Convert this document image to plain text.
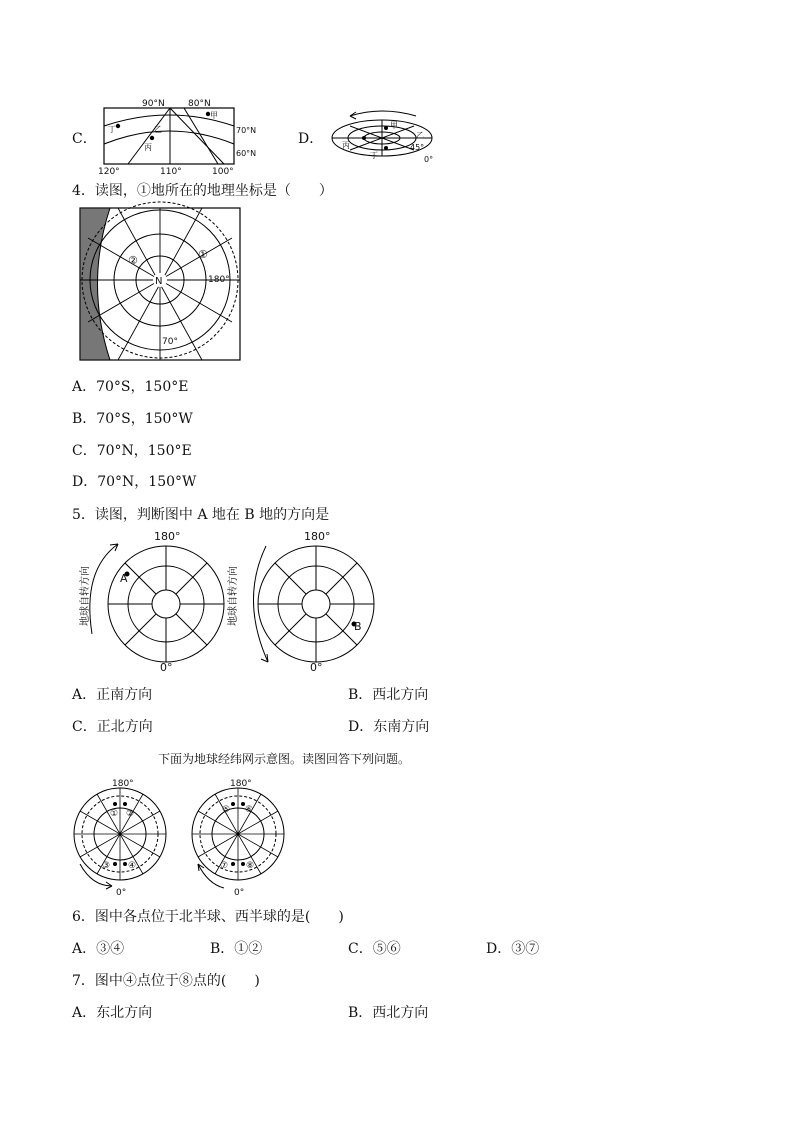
C．
90°N	80°N
70°N
60°N
120°	110°	100°
甲
乙
丙
丁
D．
甲
乙
丙
丁
45°
0°
4．读图，①地所在的地理坐标是（　　）
N	180°
70°
①
②
A．70°S，150°E
B．70°S，150°W
C．70°N，150°E
D．70°N，150°W
5．读图，判断图中 A 地在 B 地的方向是
180°
0°
180°
0°
A
B
地球自转方向	地球自转方向
A．正南方向	B．西北方向
C．正北方向	D．东南方向
下面为地球经纬网示意图。读图回答下列问题。
180°
0°
180°
0°
① ②
③ ④
⑤ ⑥
⑦ ⑧
6．图中各点位于北半球、西半球的是(　　)
A．③④	B．①②	C．⑤⑥	D．③⑦
7．图中④点位于⑧点的(　　)
A．东北方向	B．西北方向
